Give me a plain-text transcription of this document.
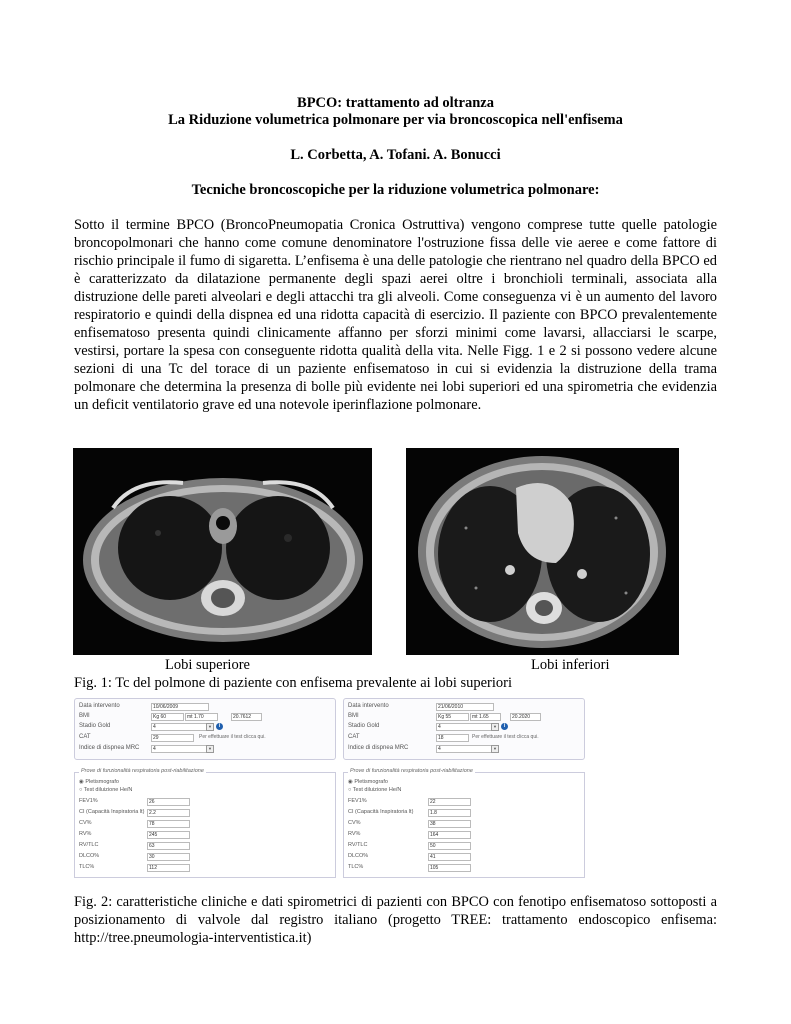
BPCO: trattamento ad oltranza
La Riduzione volumetrica polmonare per via broncoscopica nell'enfisema
L. Corbetta, A. Tofani. A. Bonucci
Tecniche broncoscopiche per la riduzione volumetrica polmonare:
Sotto il termine BPCO (BroncoPneumopatia Cronica Ostruttiva) vengono comprese tutte quelle patologie broncopolmonari che hanno come comune denominatore l'ostruzione fissa delle vie aeree e come fattore di rischio principale il fumo di sigaretta. L’enfisema è una delle patologie che rientrano nel quadro della BPCO ed è caratterizzato da dilatazione permanente degli spazi aerei oltre i bronchioli terminali, associata alla distruzione delle pareti alveolari e degli attacchi tra gli alveoli. Come conseguenza vi è un aumento del lavoro respiratorio e quindi della dispnea ed una ridotta capacità di esercizio. Il paziente con BPCO prevalentemente enfisematoso presenta quindi clinicamente affanno per sforzi minimi come lavarsi, allacciarsi le scarpe, vestirsi, portare la spesa con conseguente ridotta qualità della vita. Nelle Figg. 1 e 2 si possono vedere alcune sezioni di una Tc del torace di un paziente enfisematoso in cui si evidenzia la distruzione della trama polmonare che determina la presenza di bolle più evidente nei lobi superiori ed una spirometria che evidenzia un deficit ventilatorio grave ed una notevole iperinflazione polmonare.
Lobi superiore	Lobi inferiori
Fig. 1: Tc del polmone di paziente con enfisema prevalente ai lobi superiori
Data intervento	10/06/2009
BMI	Kg 60	mt 1.70	20.7612
Stadio Gold	4	▼	i
CAT	29	Per effettuare il test clicca qui.
Indice di dispnea MRC	4	▼
Prove di funzionalità respiratoria post-riabilitazione
◉ Pletismografo
○ Test diluizione He/N
FEV1%	26
CI (Capacità Inspiratoria lt) 2.2
CV%	78
RV%	245
RV/TLC	63
DLCO%	30
TLC%	112
Data intervento	21/06/2010
BMI	Kg 55	mt 1.65	20.2020
Stadio Gold	4	▼	i
CAT	18	Per effettuare il test clicca qui.
Indice di dispnea MRC	4	▼
Prove di funzionalità respiratoria post-riabilitazione
◉ Pletismografo
○ Test diluizione He/N
FEV1%	22
CI (Capacità Inspiratoria lt)	1.8
CV%	38
RV%	164
RV/TLC	50
DLCO%	41
TLC%	105
Fig. 2: caratteristiche cliniche e dati spirometrici di pazienti con BPCO con fenotipo enfisematoso sottoposti a posizionamento di valvole dal registro italiano (progetto TREE: trattamento endoscopico enfisema: http://tree.pneumologia-interventistica.it)
